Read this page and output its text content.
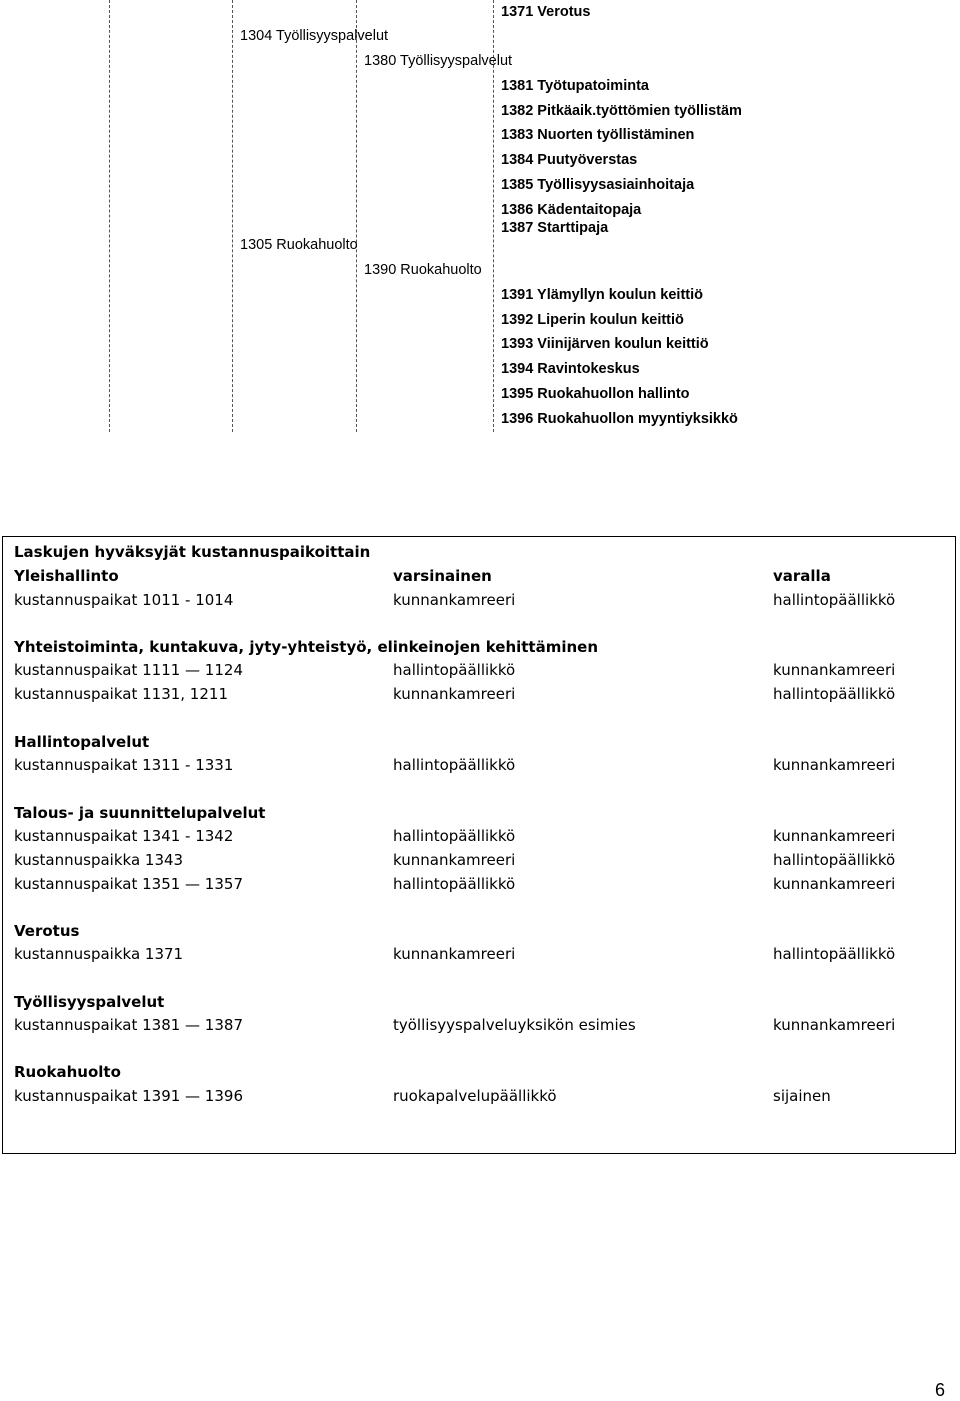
1304 Työllisyyspalvelut
1305 Ruokahuolto
1380 Työllisyyspalvelut
1390 Ruokahuolto
1371 Verotus
1381 Työtupatoiminta
1382 Pitkäaik.työttömien työllistäm
1383 Nuorten työllistäminen
1384 Puutyöverstas
1385 Työllisyysasiainhoitaja
1386 Kädentaitopaja
1387 Starttipaja
1391 Ylämyllyn koulun keittiö
1392 Liperin koulun keittiö
1393 Viinijärven koulun keittiö
1394 Ravintokeskus
1395 Ruokahuollon hallinto
1396 Ruokahuollon myyntiyksikkö
Laskujen hyväksyjät kustannuspaikoittain
Yleishallinto	varsinainen	varalla
kustannuspaikat 1011 - 1014	kunnankamreeri	hallintopäällikkö
Yhteistoiminta, kuntakuva, jyty-yhteistyö, elinkeinojen kehittäminen
kustannuspaikat 1111 — 1124	hallintopäällikkö	kunnankamreeri
kustannuspaikat 1131, 1211	kunnankamreeri	hallintopäällikkö
Hallintopalvelut
kustannuspaikat 1311 - 1331	hallintopäällikkö	kunnankamreeri
Talous- ja suunnittelupalvelut
kustannuspaikat 1341 - 1342	hallintopäällikkö	kunnankamreeri
kustannuspaikka 1343	kunnankamreeri	hallintopäällikkö
kustannuspaikat 1351 — 1357	hallintopäällikkö	kunnankamreeri
Verotus
kustannuspaikka 1371	kunnankamreeri	hallintopäällikkö
Työllisyyspalvelut
kustannuspaikat 1381 — 1387	työllisyyspalveluyksikön esimies	kunnankamreeri
Ruokahuolto
kustannuspaikat 1391 — 1396	ruokapalvelupäällikkö	sijainen
6
